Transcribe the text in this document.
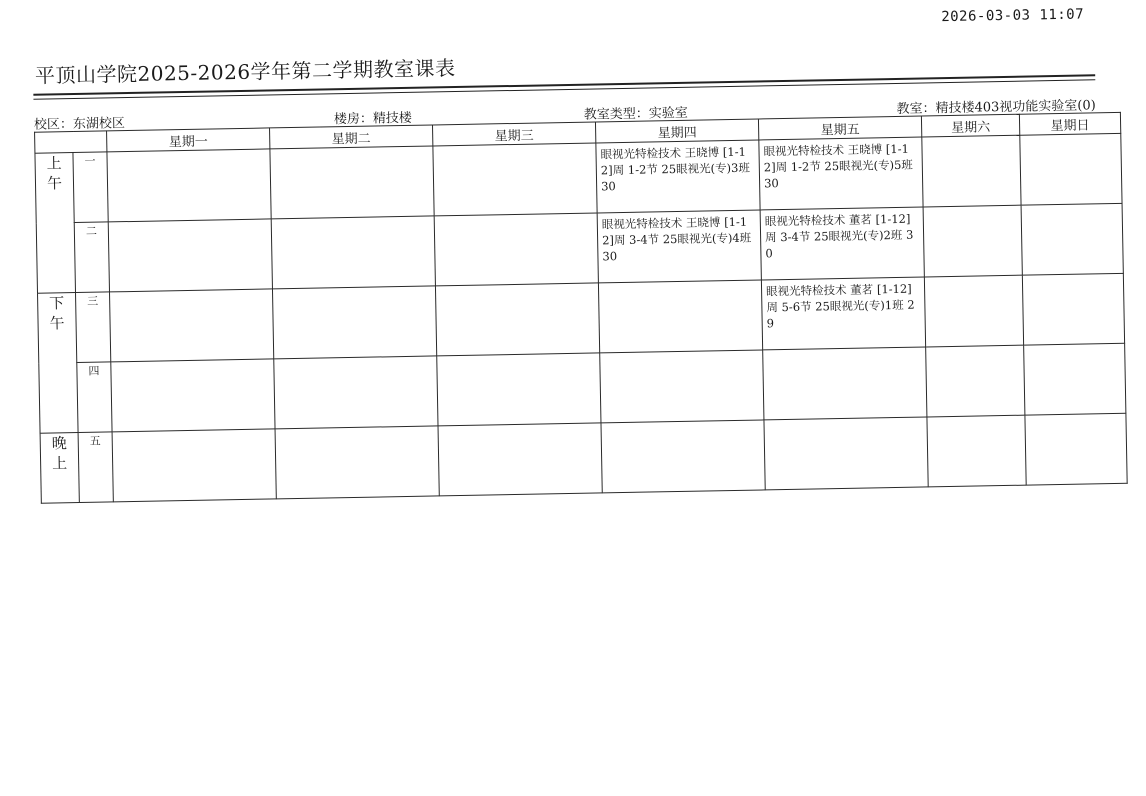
2026-03-03 11:07
平顶山学院2025-2026学年第二学期教室课表
校区：东湖校区	楼房：精技楼	教室类型：实验室	教室：精技楼403视功能实验室(0)
		星期一	星期二	星期三	星期四	星期五	星期六	星期日
上午	一				眼视光特检技术 王晓博 [1-12]周 1-2节 25眼视光(专)3班 30	眼视光特检技术 王晓博 [1-12]周 1-2节 25眼视光(专)5班 30		

	二				眼视光特检技术 王晓博 [1-12]周 3-4节 25眼视光(专)4班 30	眼视光特检技术 董茗 [1-12]周 3-4节 25眼视光(专)2班 30		

下午	三					眼视光特检技术 董茗 [1-12]周 5-6节 25眼视光(专)1班 29		

	四							
晚上	五							
